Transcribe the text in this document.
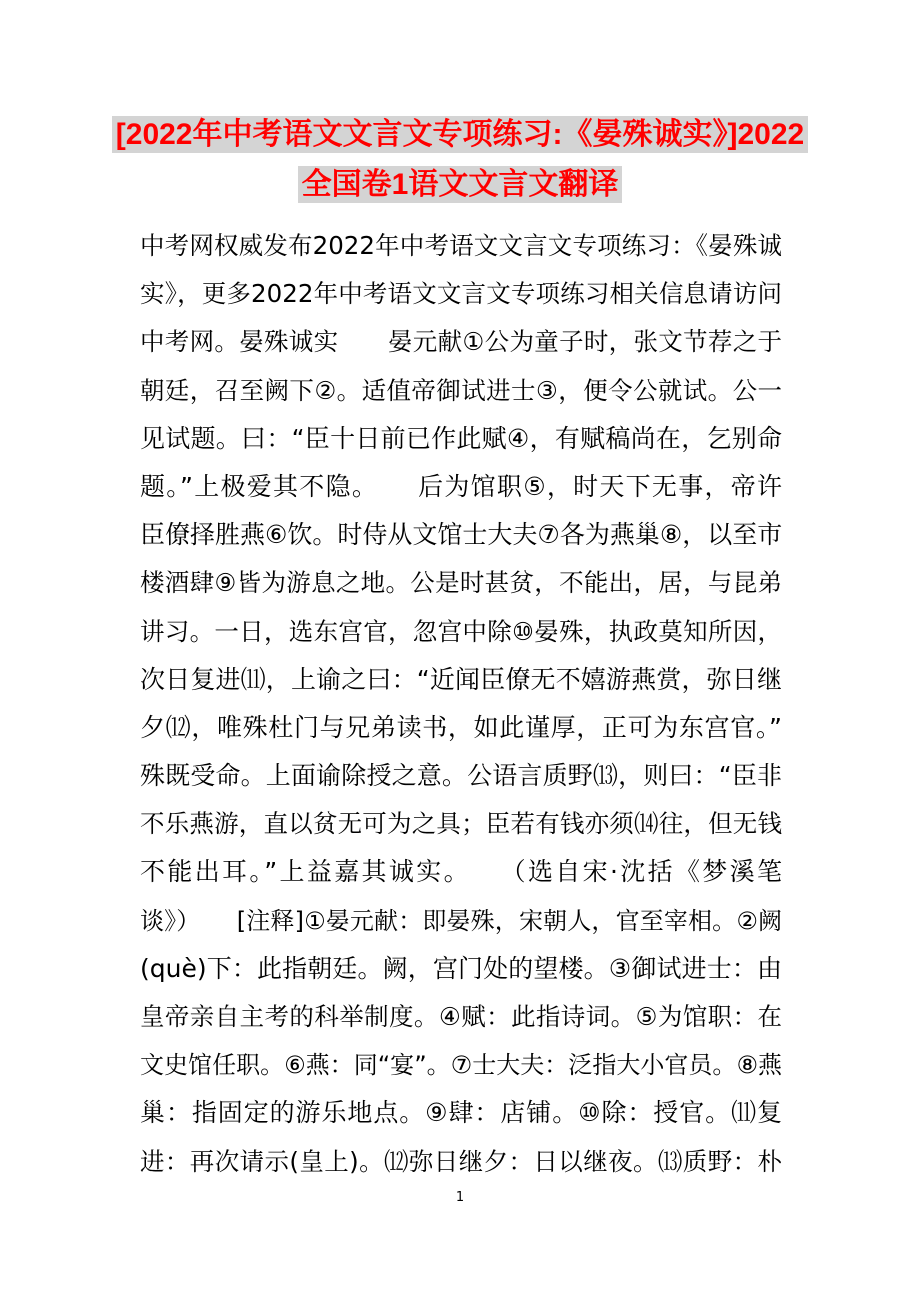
[2022年中考语文文言文专项练习:《晏殊诚实》]2022
全国卷1语文文言文翻译
中考网权威发布2022年中考语文文言文专项练习：《晏殊诚
实》，更多2022年中考语文文言文专项练习相关信息请访问
中考网。晏殊诚实　　晏元献①公为童子时，张文节荐之于
朝廷，召至阙下②。适值帝御试进士③，便令公就试。公一
见试题。曰：“臣十日前已作此赋④，有赋稿尚在，乞别命
题。”上极爱其不隐。　　后为馆职⑤，时天下无事，帝许
臣僚择胜燕⑥饮。时侍从文馆士大夫⑦各为燕巢⑧，以至市
楼酒肆⑨皆为游息之地。公是时甚贫，不能出，居，与昆弟
讲习。一日，选东宫官，忽宫中除⑩晏殊，执政莫知所因，
次日复进⑾，上谕之曰：“近闻臣僚无不嬉游燕赏，弥日继
夕⑿，唯殊杜门与兄弟读书，如此谨厚，正可为东宫官。”
殊既受命。上面谕除授之意。公语言质野⒀，则曰：“臣非
不乐燕游，直以贫无可为之具；臣若有钱亦须⒁往，但无钱
不能出耳。”上益嘉其诚实。　　（选自宋·沈括《梦溪笔
谈》）　　[注释]①晏元献：即晏殊，宋朝人，官至宰相。②阙
(què)下：此指朝廷。阙，宫门处的望楼。③御试进士：由
皇帝亲自主考的科举制度。④赋：此指诗词。⑤为馆职：在
文史馆任职。⑥燕：同“宴”。⑦士大夫：泛指大小官员。⑧燕
巢：指固定的游乐地点。⑨肆：店铺。⑩除：授官。⑾复
进：再次请示(皇上)。⑿弥日继夕：日以继夜。⒀质野：朴
1
